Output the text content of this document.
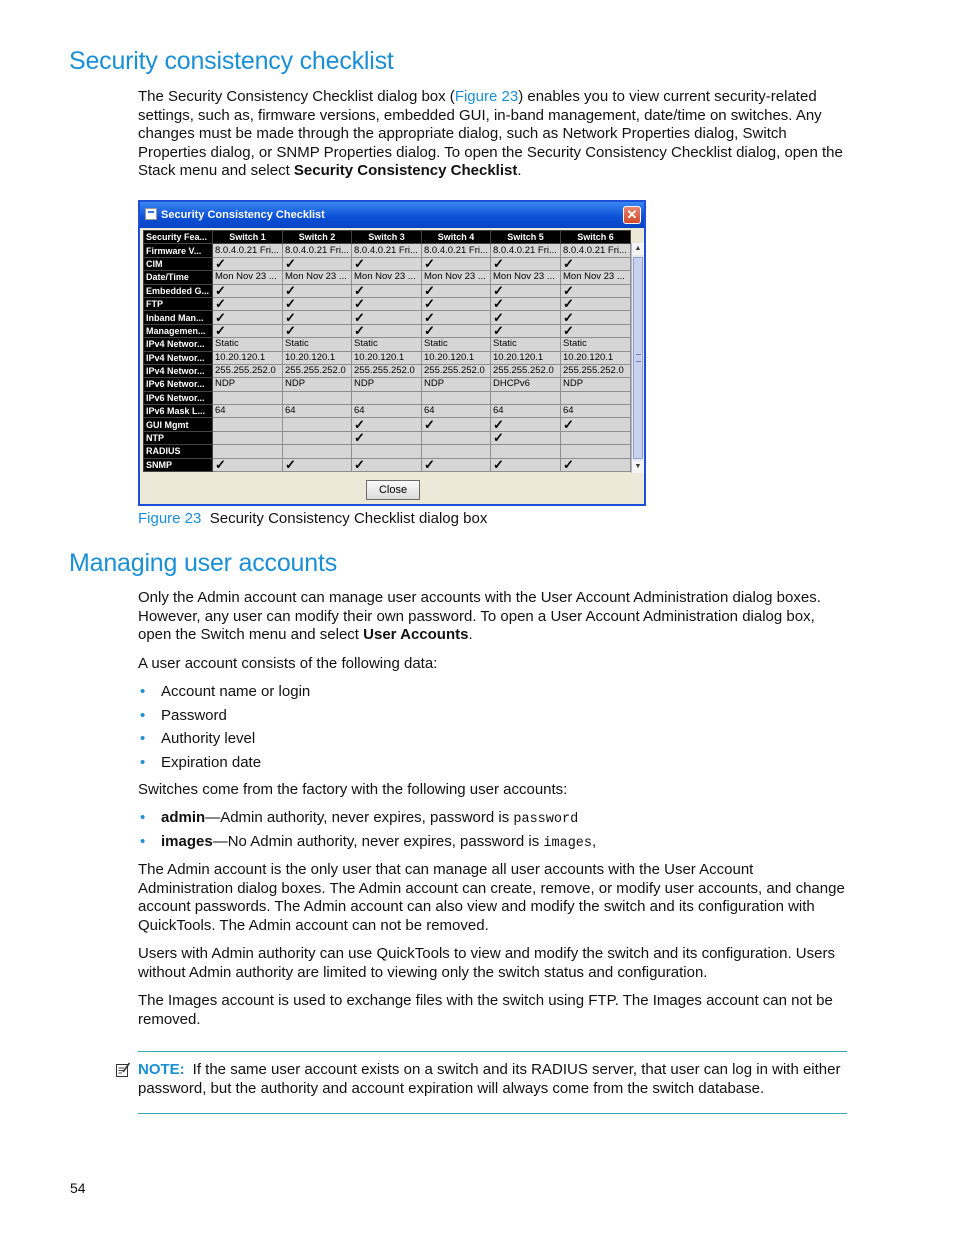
Security consistency checklist

The Security Consistency Checklist dialog box (Figure 23) enables you to view current security-related settings, such as, firmware versions, embedded GUI, in-band management, date/time on switches. Any changes must be made through the appropriate dialog, such as Network Properties dialog, Switch Properties dialog, or SNMP Properties dialog. To open the Security Consistency Checklist dialog, open the Stack menu and select Security Consistency Checklist.

Security Consistency Checklist	✕
Security Fea...	Switch 1	Switch 2	Switch 3	Switch 4	Switch 5	Switch 6
Firmware V...	8.0.4.0.21 Fri...	8.0.4.0.21 Fri...	8.0.4.0.21 Fri...	8.0.4.0.21 Fri...	8.0.4.0.21 Fri...	8.0.4.0.21 Fri...
CIM	✓	✓	✓	✓	✓	✓
Date/Time	Mon Nov 23 ...	Mon Nov 23 ...	Mon Nov 23 ...	Mon Nov 23 ...	Mon Nov 23 ...	Mon Nov 23 ...
Embedded G...	✓	✓	✓	✓	✓	✓
FTP	✓	✓	✓	✓	✓	✓
Inband Man...	✓	✓	✓	✓	✓	✓
Managemen...	✓	✓	✓	✓	✓	✓
IPv4 Networ...	Static	Static	Static	Static	Static	Static
IPv4 Networ...	10.20.120.1	10.20.120.1	10.20.120.1	10.20.120.1	10.20.120.1	10.20.120.1
IPv4 Networ...	255.255.252.0	255.255.252.0	255.255.252.0	255.255.252.0	255.255.252.0	255.255.252.0
IPv6 Networ...	NDP	NDP	NDP	NDP	DHCPv6	NDP
IPv6 Networ...						
IPv6 Mask L...	64	64	64	64	64	64
GUI Mgmt			✓	✓	✓	✓
NTP			✓		✓	
RADIUS						
SNMP	✓	✓	✓	✓	✓	✓
▲
▼
Close
Figure 23 Security Consistency Checklist dialog box
Managing user accounts

Only the Admin account can manage user accounts with the User Account Administration dialog boxes. However, any user can modify their own password. To open a User Account Administration dialog box, open the Switch menu and select User Accounts.

A user account consists of the following data:

• Account name or login
• Password
• Authority level
• Expiration date

Switches come from the factory with the following user accounts:

• admin—Admin authority, never expires, password is password
• images—No Admin authority, never expires, password is images,

The Admin account is the only user that can manage all user accounts with the User Account Administration dialog boxes. The Admin account can create, remove, or modify user accounts, and change account passwords. The Admin account can also view and modify the switch and its configuration with QuickTools. The Admin account can not be removed.

Users with Admin authority can use QuickTools to view and modify the switch and its configuration. Users without Admin authority are limited to viewing only the switch status and configuration.

The Images account is used to exchange files with the switch using FTP. The Images account can not be removed.

NOTE: If the same user account exists on a switch and its RADIUS server, that user can log in with either password, but the authority and account expiration will always come from the switch database.

54
